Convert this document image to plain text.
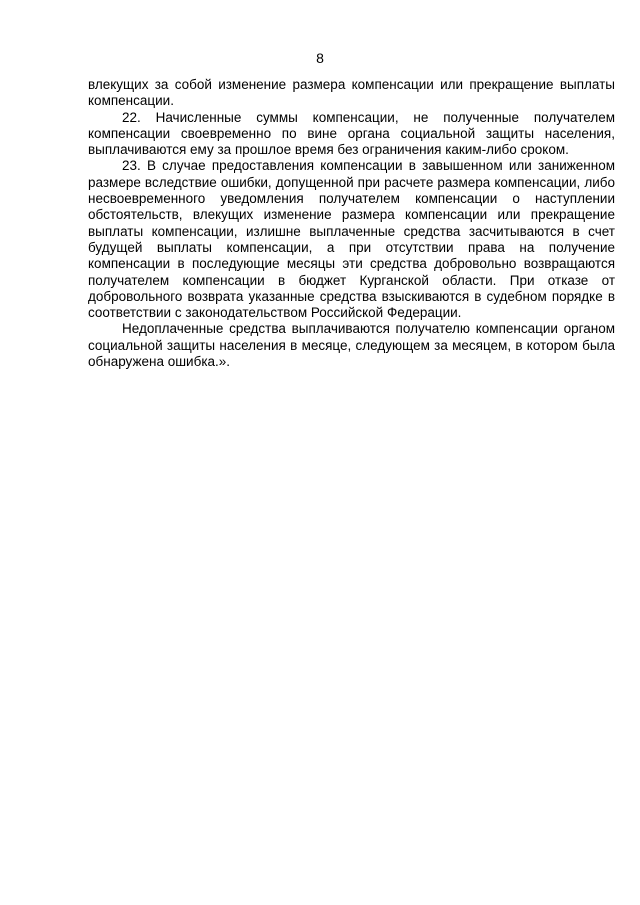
8

влекущих за собой изменение размера компенсации или прекращение выплаты компенсации.

22. Начисленные суммы компенсации, не полученные получателем компенсации своевременно по вине органа социальной защиты населения, выплачиваются ему за прошлое время без ограничения каким-либо сроком.

23. В случае предоставления компенсации в завышенном или заниженном размере вследствие ошибки, допущенной при расчете размера компенсации, либо несвоевременного уведомления получателем компенсации о наступлении обстоятельств, влекущих изменение размера компенсации или прекращение выплаты компенсации, излишне выплаченные средства засчитываются в счет будущей выплаты компенсации, а при отсутствии права на получение компенсации в последующие месяцы эти средства добровольно возвращаются получателем компенсации в бюджет Курганской области. При отказе от добровольного возврата указанные средства взыскиваются в судебном порядке в соответствии с законодательством Российской Федерации.

Недоплаченные средства выплачиваются получателю компенсации органом социальной защиты населения в месяце, следующем за месяцем, в котором была обнаружена ошибка.».
